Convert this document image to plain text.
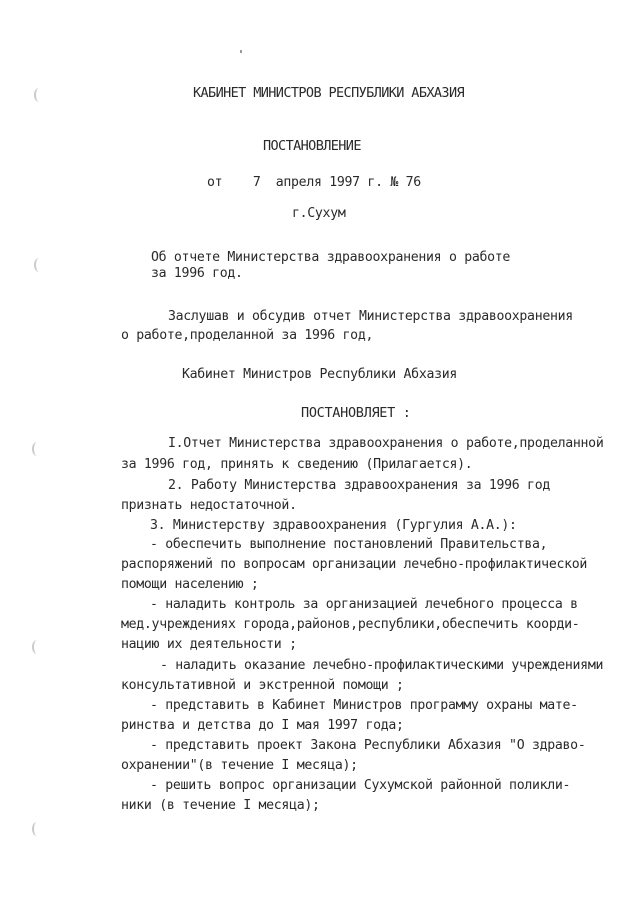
КАБИНЕТ МИНИСТРОВ РЕСПУБЛИКИ АБХАЗИЯ
ПОСТАНОВЛЕНИЕ
от    7  апреля 1997 г. № 76
г.Сухум
Об отчете Министерства здравоохранения о работе
за 1996 год.
Заслушав и обсудив отчет Министерства здравоохранения
о работе,проделанной за 1996 год,
Кабинет Министров Республики Абхазия
ПОСТАНОВЛЯЕТ :
I.Отчет Министерства здравоохранения о работе,проделанной
за 1996 год, принять к сведению (Прилагается).
2. Работу Министерства здравоохранения за 1996 год
признать недостаточной.
3. Министерству здравоохранения (Гургулия А.А.):
- обеспечить выполнение постановлений Правительства,
распоряжений по вопросам организации лечебно-профилактической
помощи населению ;
- наладить контроль за организацией лечебного процесса в
мед.учреждениях города,районов,республики,обеспечить коорди-
нацию их деятельности ;
- наладить оказание лечебно-профилактическими учреждениями
консультативной и экстренной помощи ;
- представить в Кабинет Министров программу охраны мате-
ринства и детства до I мая 1997 года;
- представить проект Закона Республики Абхазия "О здраво-
охранении"(в течение I месяца);
- решить вопрос организации Сухумской районной поликли-
ники (в течение I месяца);
